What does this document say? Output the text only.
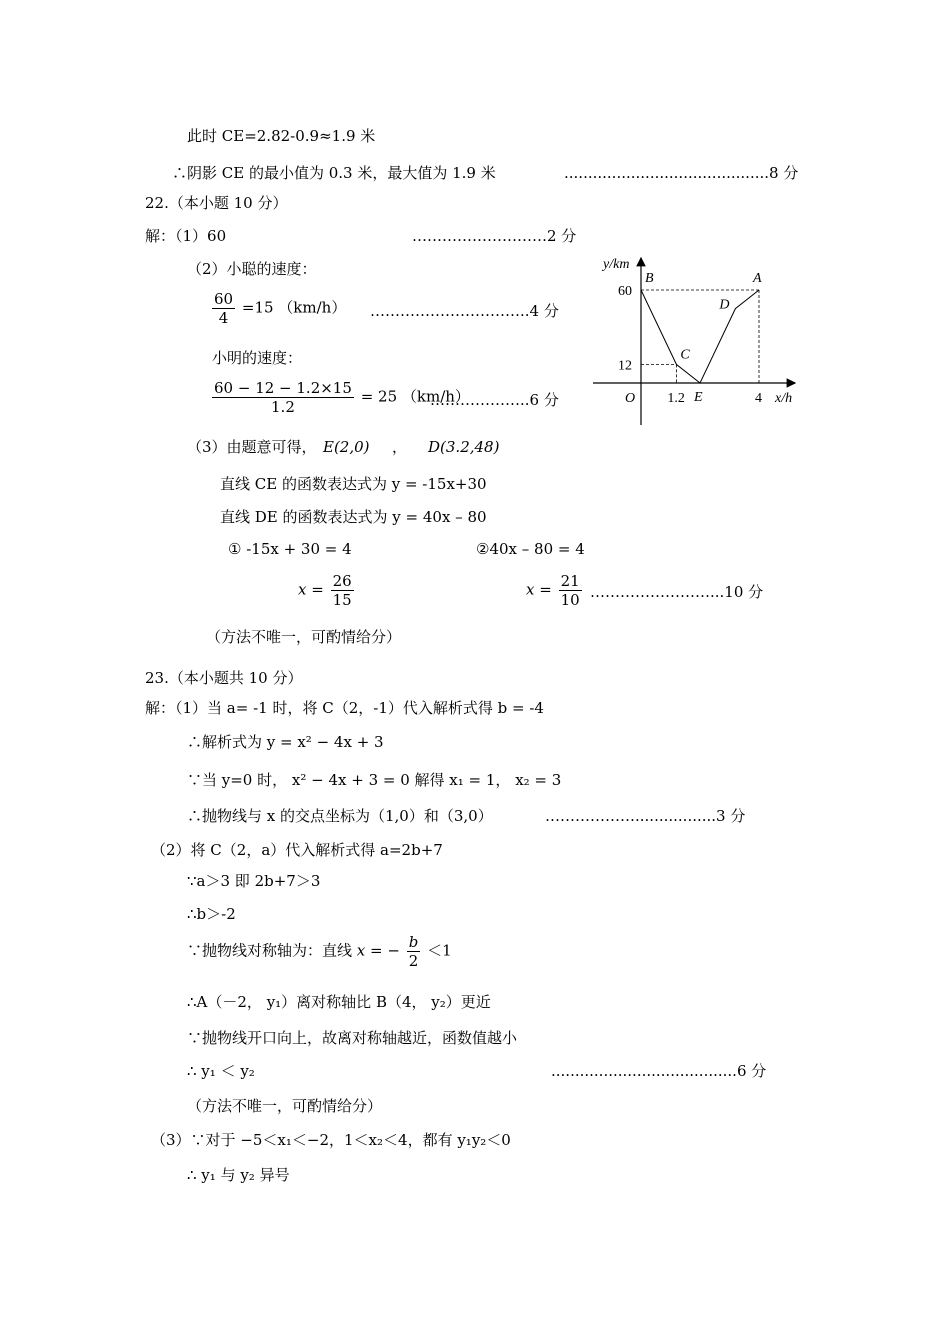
此时 CE=2.82-0.9≈1.9 米
∴阴影 CE 的最小值为 0.3 米，最大值为 1.9 米	...........................................8 分
22.（本小题 10 分）
解：（1）60	………………………2 分
（2）小聪的速度：
$\frac{60}{4} =15$ （km/h） …………………………..4 分
小明的速度：
$\frac{60 - 12 - 1.2\times 15}{1.2} = 25$ （km/h）
………………..6 分
（3）由题意可得， E(2,0) ， D(3.2,48)
直线 CE 的函数表达式为 y = -15x+30
直线 DE 的函数表达式为 y = 40x – 80
① -15x + 30 = 4	②40x – 80 = 4
$x = \frac{26}{15}$	$x = \frac{21}{10}$ ……………………...10 分
（方法不唯一，可酌情给分）
y/km
x/h
O
B
C
E
D
A
60
12
1.2	4
23.（本小题共 10 分）
解：（1）当 a= -1 时，将 C（2，-1）代入解析式得 b = -4
∴解析式为 y = x² − 4x + 3
∵当 y=0 时， x² − 4x + 3 = 0 解得 x₁ = 1， x₂ = 3
∴抛物线与 x 的交点坐标为（1,0）和（3,0）	……………….................3 分
（2）将 C（2，a）代入解析式得 a=2b+7
∵a＞3 即 2b+7＞3
∴b＞-2
∵抛物线对称轴为：直线 x = − $\frac{b}{2} <1$
∴A（－2， y₁）离对称轴比 B（4， y₂）更近
∵抛物线开口向上，故离对称轴越近，函数值越小
∴ y₁ ＜ y₂	.......................................6 分
（方法不唯一，可酌情给分）
（3）∵对于 −5＜x₁＜−2，1＜x₂＜4，都有 y₁y₂＜0
∴ y₁ 与 y₂ 异号
